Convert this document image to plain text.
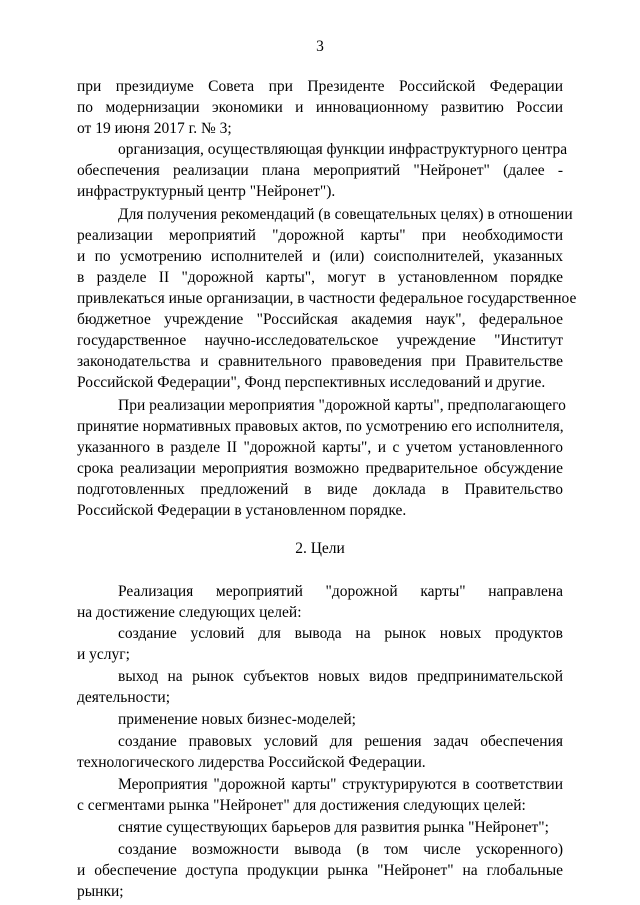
3
при президиуме Совета при Президенте Российской Федерации
по модернизации экономики и инновационному развитию России
от 19 июня 2017 г. № 3;
организация, осуществляющая функции инфраструктурного центра
обеспечения реализации плана мероприятий "Нейронет" (далее -
инфраструктурный центр "Нейронет").
Для получения рекомендаций (в совещательных целях) в отношении
реализации мероприятий "дорожной карты" при необходимости
и по усмотрению исполнителей и (или) соисполнителей, указанных
в разделе II "дорожной карты", могут в установленном порядке
привлекаться иные организации, в частности федеральное государственное
бюджетное учреждение "Российская академия наук", федеральное
государственное научно-исследовательское учреждение "Институт
законодательства и сравнительного правоведения при Правительстве
Российской Федерации", Фонд перспективных исследований и другие.
При реализации мероприятия "дорожной карты", предполагающего
принятие нормативных правовых актов, по усмотрению его исполнителя,
указанного в разделе II "дорожной карты", и с учетом установленного
срока реализации мероприятия возможно предварительное обсуждение
подготовленных предложений в виде доклада в Правительство
Российской Федерации в установленном порядке.
2. Цели
Реализация мероприятий "дорожной карты" направлена
на достижение следующих целей:
создание условий для вывода на рынок новых продуктов
и услуг;
выход на рынок субъектов новых видов предпринимательской
деятельности;
применение новых бизнес-моделей;
создание правовых условий для решения задач обеспечения
технологического лидерства Российской Федерации.
Мероприятия "дорожной карты" структурируются в соответствии
с сегментами рынка "Нейронет" для достижения следующих целей:
снятие существующих барьеров для развития рынка "Нейронет";
создание возможности вывода (в том числе ускоренного)
и обеспечение доступа продукции рынка "Нейронет" на глобальные
рынки;
